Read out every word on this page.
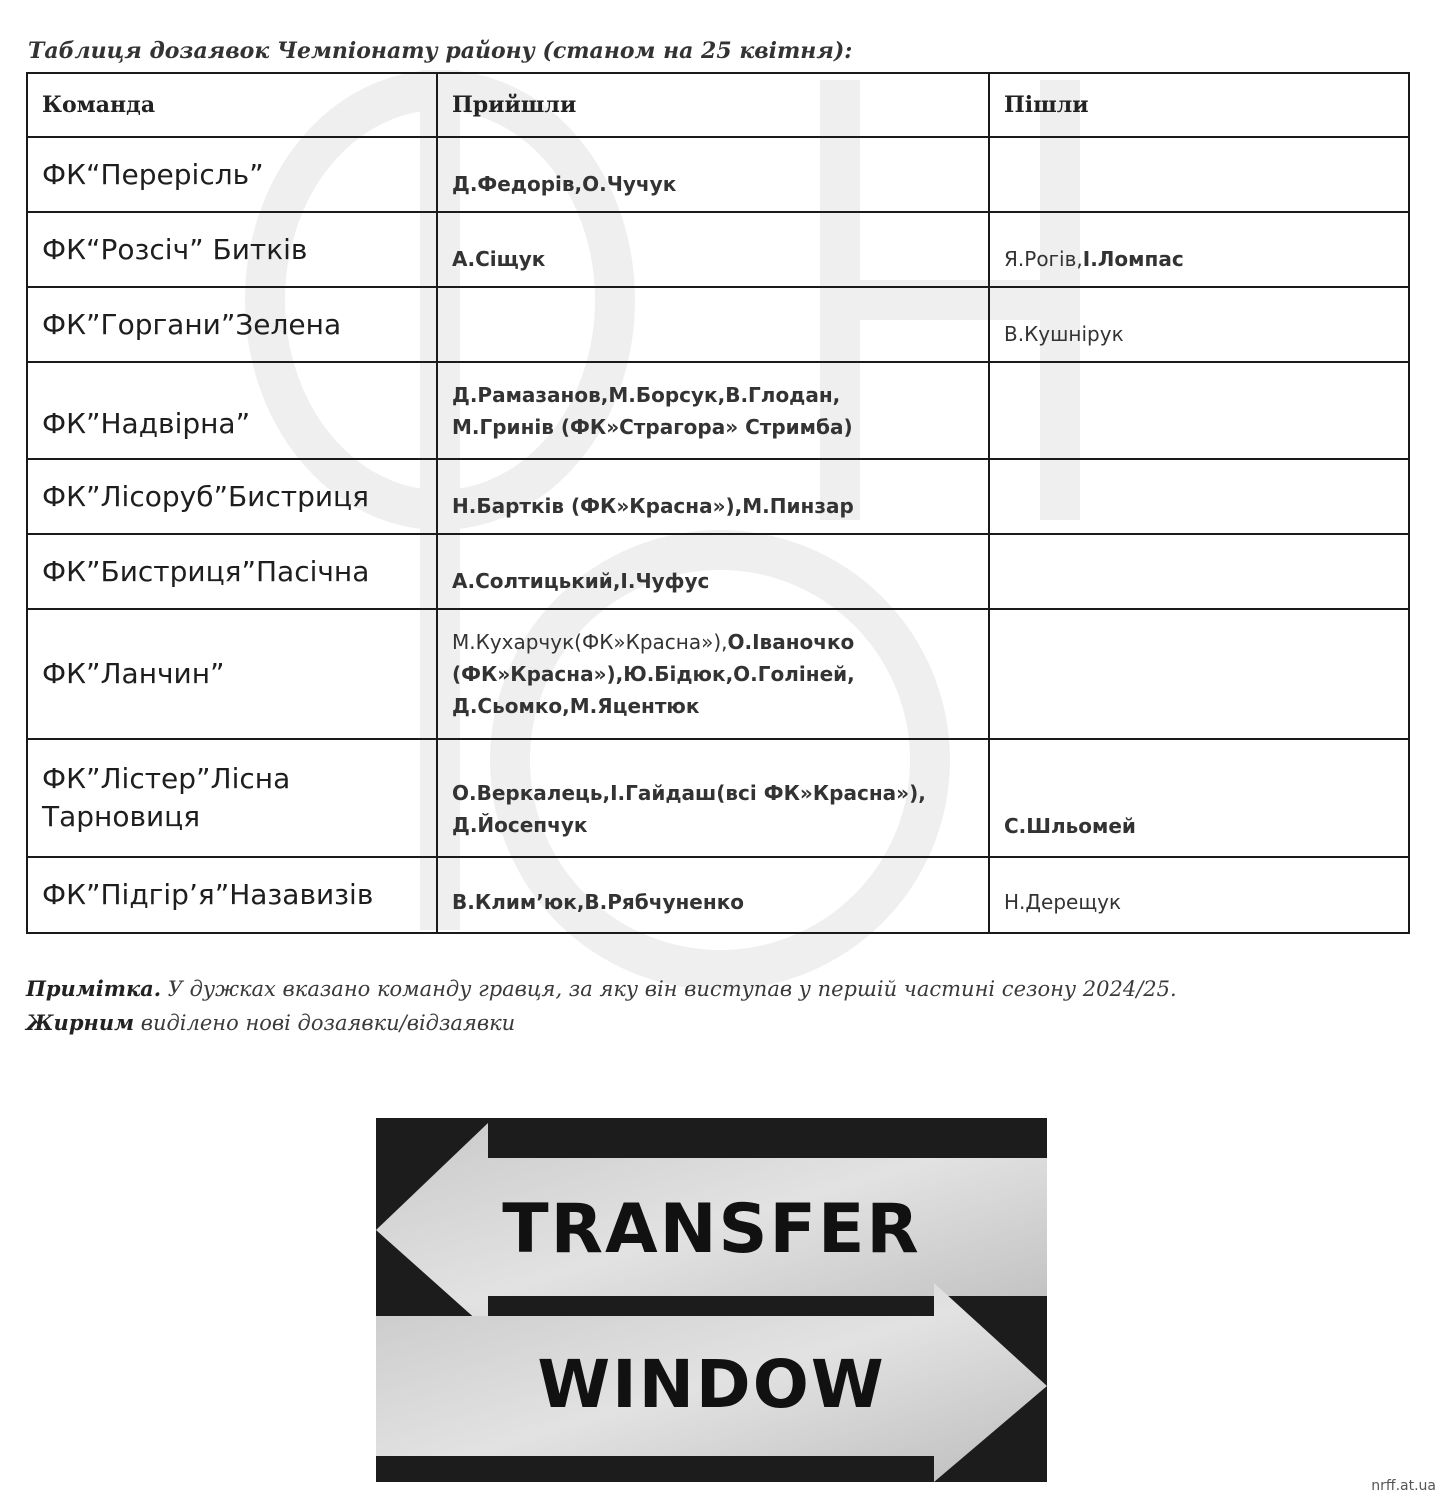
Таблиця дозаявок Чемпіонату району (станом на 25 квітня):
Команда	Прийшли	Пішли
ФК“Перерісль”	Д.Федорів,О.Чучук	
ФК“Розсіч” Битків	А.Сіщук	Я.Рогів,І.Ломпас
ФК”Горгани”Зелена		В.Кушнірук
ФК”Надвірна”	Д.Рамазанов,М.Борсук,В.Глодан,
М.Гринів (ФК»Страгора» Стримба)	

ФК”Лісоруб”Бистриця	Н.Бартків (ФК»Красна»),М.Пинзар	
ФК”Бистриця”Пасічна	А.Солтицький,І.Чуфус	
ФК”Ланчин”	М.Кухарчук(ФК»Красна»),О.Іваночко
(ФК»Красна»),Ю.Бідюк,О.Голіней,
Д.Сьомко,М.Яцентюк	

ФК”Лістер”Лісна Тарновиця	О.Веркалець,І.Гайдаш(всі ФК»Красна»),
Д.Йосепчук	С.Шльомей
ФК”Підгір’я”Назавизів	В.Клим’юк,В.Рябчуненко	Н.Дерещук
Примітка. У дужках вказано команду гравця, за яку він виступав у першій частині сезону 2024/25.
Жирним виділено нові дозаявки/відзаявки
TRANSFER
WINDOW
nrff.at.ua
